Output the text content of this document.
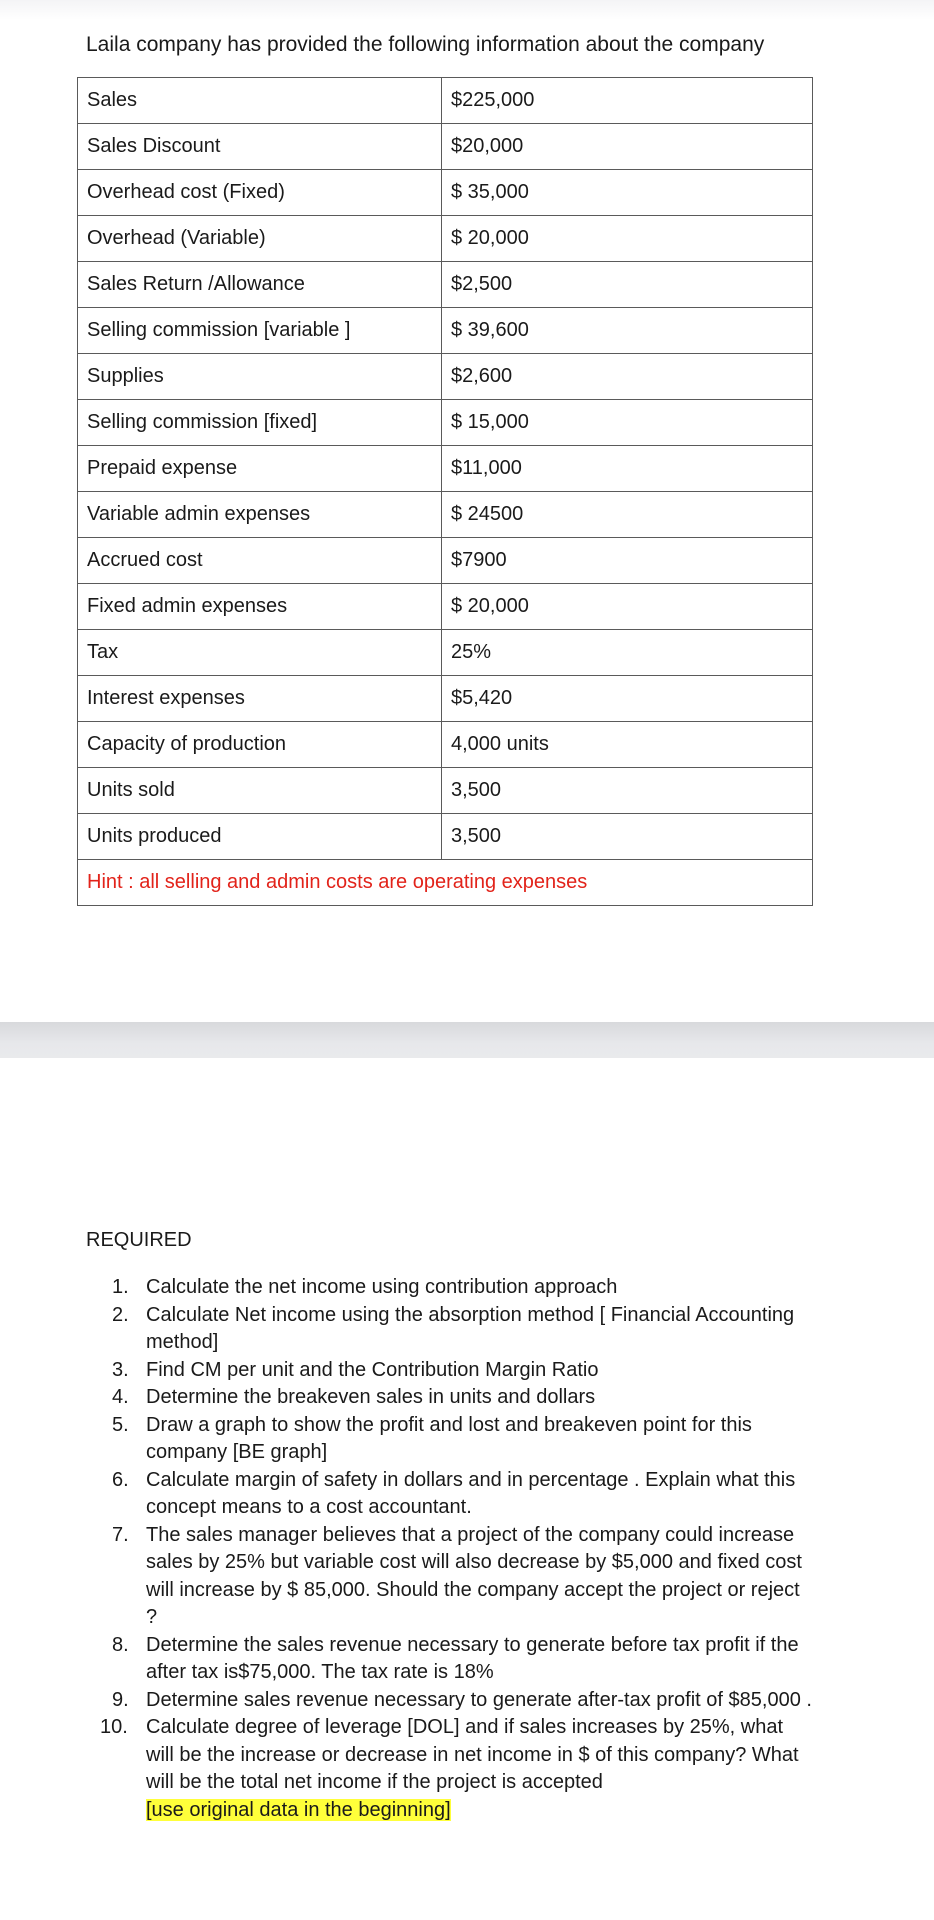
Laila company has provided the following information about the company
Sales	$225,000
Sales Discount	$20,000
Overhead cost (Fixed)	$ 35,000
Overhead (Variable)	$ 20,000
Sales Return /Allowance	$2,500
Selling commission [variable ]	$ 39,600
Supplies	$2,600
Selling commission [fixed]	$ 15,000
Prepaid expense	$11,000
Variable admin expenses	$ 24500
Accrued cost	$7900
Fixed admin expenses	$ 20,000
Tax	25%
Interest expenses	$5,420
Capacity of production	4,000 units
Units sold	3,500
Units produced	3,500
Hint : all selling and admin costs are operating expenses	
REQUIRED
1. Calculate the net income using contribution approach
2. Calculate Net income using the absorption method [ Financial Accounting method]
3. Find CM per unit and the Contribution Margin Ratio
4. Determine the breakeven sales in units and dollars
5. Draw a graph to show the profit and lost and breakeven point for this company [BE graph]
6. Calculate margin of safety in dollars and in percentage . Explain what this concept means to a cost accountant.
7. The sales manager believes that a project of the company could increase sales by 25% but variable cost will also decrease by $5,000 and fixed cost will increase by $ 85,000. Should the company accept the project or reject ?
8. Determine the sales revenue necessary to generate before tax profit if the after tax is$75,000. The tax rate is 18%
9. Determine sales revenue necessary to generate after-tax profit of $85,000 .
10. Calculate degree of leverage [DOL] and if sales increases by 25%, what will be the increase or decrease in net income in $ of this company? What will be the total net income if the project is accepted
[use original data in the beginning]
